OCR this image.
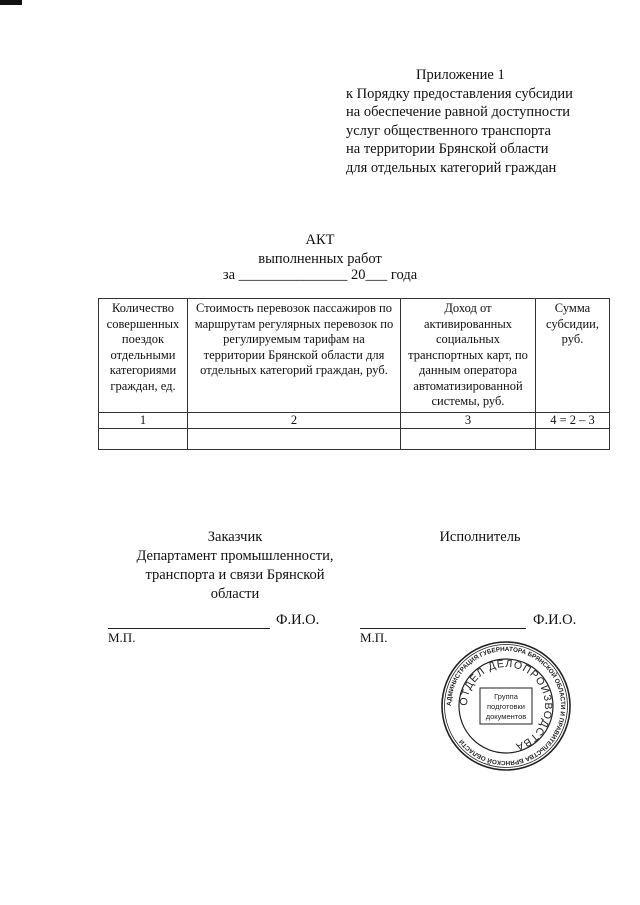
Приложение 1
к Порядку предоставления субсидии
на обеспечение равной доступности
услуг общественного транспорта
на территории Брянской области
для отдельных категорий граждан
АКТ
выполненных работ
за _______________ 20___ года
Количество совершенных поездок отдельными категориями граждан, ед.	Стоимость перевозок пассажиров по маршрутам регулярных перевозок по регулируемым тарифам на территории Брянской области для отдельных категорий граждан, руб.	Доход от активированных социальных транспортных карт, по данным оператора автоматизированной системы, руб.	Сумма субсидии, руб.
1	2	3	4 = 2 – 3

Заказчик
Департамент промышленности, транспорта и связи Брянской области
Исполнитель
Ф.И.О.
М.П.
Ф.И.О.
М.П.
АДМИНИСТРАЦИЯ ГУБЕРНАТОРА БРЯНСКОЙ ОБЛАСТИ И ПРАВИТЕЛЬСТВА БРЯНСКОЙ ОБЛАСТИ
ОТДЕЛ ДЕЛОПРОИЗВОДСТВА
Группа
подготовки
документов
